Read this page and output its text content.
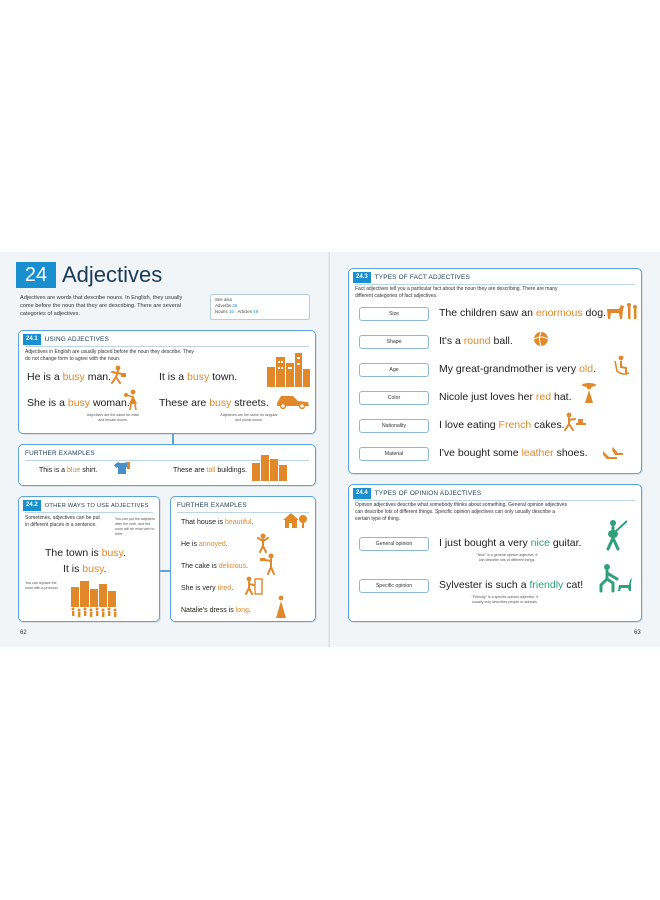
24 Adjectives
Adjectives are words that describe nouns. In English, they usually come before the noun that they are describing. There are several categories of adjectives.
See also
Adverbs 26
Nouns 16 · Articles 49
24.1	USING ADJECTIVES
Adjectives in English are usually placed before the noun they describe. They do not change form to agree with the noun.
He is a busy man.	It is a busy town.
She is a busy woman.
Adjectives are the same for male and female nouns.
These are busy streets.
Adjectives are the same for singular and plural nouns.
FURTHER EXAMPLES
This is a blue shirt.	These are tall buildings.
24.2	OTHER WAYS TO USE ADJECTIVES
Sometimes, adjectives can be put in different places in a sentence.
You can put the adjective after the verb, and the noun will be what verb to refer.
The town is busy.
It is busy.
You can replace the noun with a pronoun.
FURTHER EXAMPLES
That house is beautiful.
He is annoyed.
The cake is delicious.
She is very tired.
Natalie's dress is long.
62
24.3	TYPES OF FACT ADJECTIVES
Fact adjectives tell you a particular fact about the noun they are describing. There are many different categories of fact adjectives.
Size	The children saw an enormous dog.
Shape	It's a round ball.
Age	My great-grandmother is very old.
Color	Nicole just loves her red hat.
Nationality	I love eating French cakes.
Material	I've bought some leather shoes.
24.4	TYPES OF OPINION ADJECTIVES
Opinion adjectives describe what somebody thinks about something. General opinion adjectives can describe lots of different things. Specific opinion adjectives can only usually describe a certain type of thing.
General opinion	I just bought a very nice guitar.
"Nice" is a general opinion adjective. It can describe lots of different things.
Specific opinion	Sylvester is such a friendly cat!
"Friendly" is a specific opinion adjective. It usually only describes people or animals.
63
